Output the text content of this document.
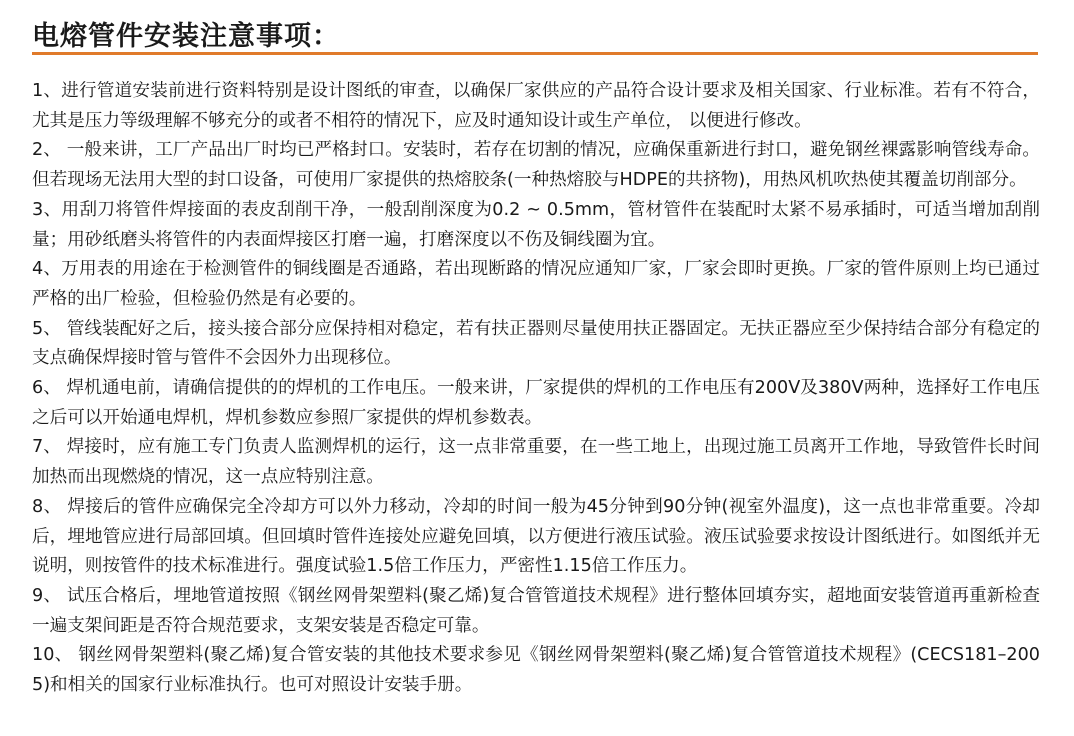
电熔管件安装注意事项：

1、进行管道安装前进行资料特别是设计图纸的审查，以确保厂家供应的产品符合设计要求及相关国家、行业标准。若有不符合，尤其是压力等级理解不够充分的或者不相符的情况下，应及时通知设计或生产单位， 以便进行修改。

2、 一般来讲，工厂产品出厂时均已严格封口。安装时，若存在切割的情况，应确保重新进行封口，避免钢丝裸露影响管线寿命。但若现场无法用大型的封口设备，可使用厂家提供的热熔胶条(一种热熔胶与HDPE的共挤物)，用热风机吹热使其覆盖切削部分。

3、用刮刀将管件焊接面的表皮刮削干净，一般刮削深度为0.2 ~ 0.5mm，管材管件在装配时太紧不易承插时，可适当增加刮削量；用砂纸磨头将管件的内表面焊接区打磨一遍，打磨深度以不伤及铜线圈为宜。

4、万用表的用途在于检测管件的铜线圈是否通路，若出现断路的情况应通知厂家，厂家会即时更换。厂家的管件原则上均已通过严格的出厂检验，但检验仍然是有必要的。

5、 管线装配好之后，接头接合部分应保持相对稳定，若有扶正器则尽量使用扶正器固定。无扶正器应至少保持结合部分有稳定的支点确保焊接时管与管件不会因外力出现移位。

6、 焊机通电前，请确信提供的的焊机的工作电压。一般来讲，厂家提供的焊机的工作电压有200V及380V两种，选择好工作电压之后可以开始通电焊机，焊机参数应参照厂家提供的焊机参数表。

7、 焊接时，应有施工专门负责人监测焊机的运行，这一点非常重要，在一些工地上，出现过施工员离开工作地，导致管件长时间加热而出现燃烧的情况，这一点应特别注意。

8、 焊接后的管件应确保完全冷却方可以外力移动，冷却的时间一般为45分钟到90分钟(视室外温度)，这一点也非常重要。冷却后，埋地管应进行局部回填。但回填时管件连接处应避免回填，以方便进行液压试验。液压试验要求按设计图纸进行。如图纸并无说明，则按管件的技术标准进行。强度试验1.5倍工作压力，严密性1.15倍工作压力。

9、 试压合格后，埋地管道按照《钢丝网骨架塑料(聚乙烯)复合管管道技术规程》进行整体回填夯实，超地面安装管道再重新检查一遍支架间距是否符合规范要求，支架安装是否稳定可靠。

10、 钢丝网骨架塑料(聚乙烯)复合管安装的其他技术要求参见《钢丝网骨架塑料(聚乙烯)复合管管道技术规程》(CECS181–2005)和相关的国家行业标准执行。也可对照设计安装手册。
